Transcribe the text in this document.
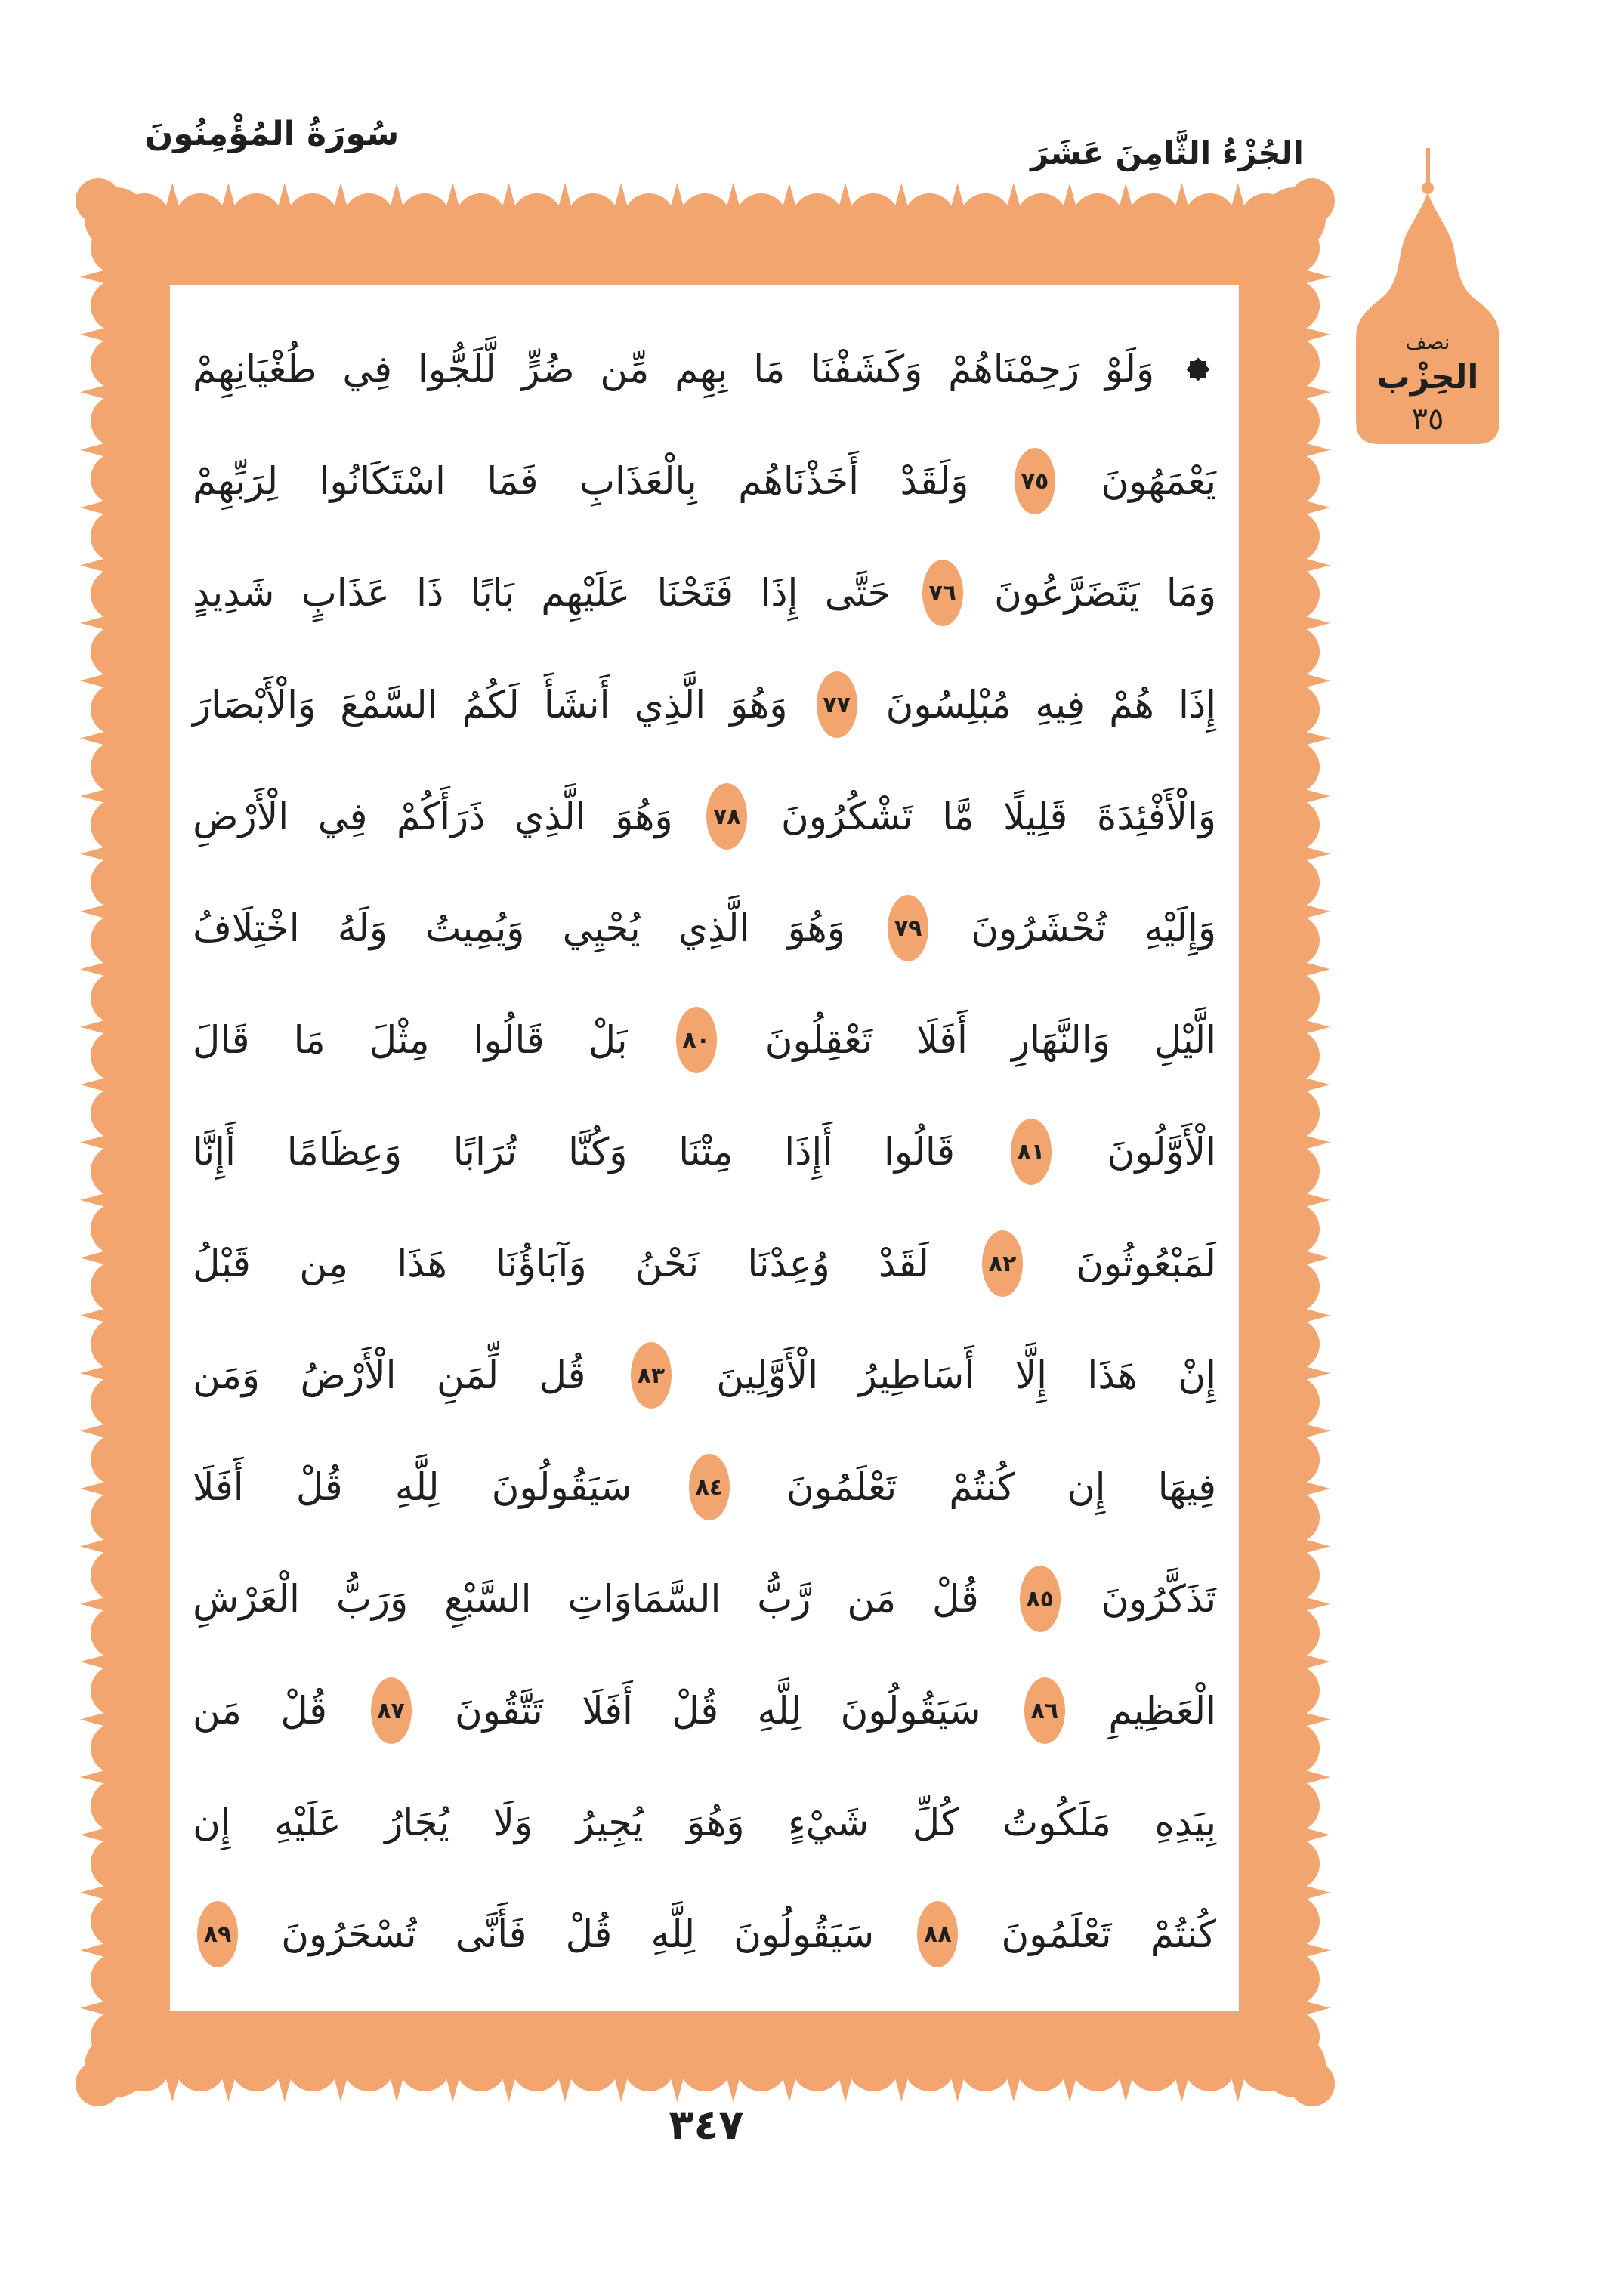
سُورَةُ المُؤْمِنُونَ	الجُزْءُ الثَّامِنَ عَشَرَ
نصف
الحِزْب
٣٥
وَلَوْ
رَحِمْنَاهُمْ
وَكَشَفْنَا
مَا
بِهِم
مِّن
ضُرٍّ
لَّلَجُّوا
فِي
طُغْيَانِهِمْ
يَعْمَهُونَ
٧٥
وَلَقَدْ
أَخَذْنَاهُم
بِالْعَذَابِ
فَمَا
اسْتَكَانُوا
لِرَبِّهِمْ
وَمَا
يَتَضَرَّعُونَ
٧٦
حَتَّى
إِذَا
فَتَحْنَا
عَلَيْهِم
بَابًا
ذَا
عَذَابٍ
شَدِيدٍ
إِذَا
هُمْ
فِيهِ
مُبْلِسُونَ
٧٧
وَهُوَ
الَّذِي
أَنشَأَ
لَكُمُ
السَّمْعَ
وَالْأَبْصَارَ
وَالْأَفْئِدَةَ
قَلِيلًا
مَّا
تَشْكُرُونَ
٧٨
وَهُوَ
الَّذِي
ذَرَأَكُمْ
فِي
الْأَرْضِ
وَإِلَيْهِ
تُحْشَرُونَ
٧٩
وَهُوَ
الَّذِي
يُحْيِي
وَيُمِيتُ
وَلَهُ
اخْتِلَافُ
الَّيْلِ
وَالنَّهَارِ
أَفَلَا
تَعْقِلُونَ
٨٠
بَلْ
قَالُوا
مِثْلَ
مَا
قَالَ
الْأَوَّلُونَ
٨١
قَالُوا
أَإِذَا
مِتْنَا
وَكُنَّا
تُرَابًا
وَعِظَامًا
أَإِنَّا
لَمَبْعُوثُونَ
٨٢
لَقَدْ
وُعِدْنَا
نَحْنُ
وَآبَاؤُنَا
هَذَا
مِن
قَبْلُ
إِنْ
هَذَا
إِلَّا
أَسَاطِيرُ
الْأَوَّلِينَ
٨٣
قُل
لِّمَنِ
الْأَرْضُ
وَمَن
فِيهَا
إِن
كُنتُمْ
تَعْلَمُونَ
٨٤
سَيَقُولُونَ
لِلَّهِ
قُلْ
أَفَلَا
تَذَكَّرُونَ
٨٥
قُلْ
مَن
رَّبُّ
السَّمَاوَاتِ
السَّبْعِ
وَرَبُّ
الْعَرْشِ
الْعَظِيمِ
٨٦
سَيَقُولُونَ
لِلَّهِ
قُلْ
أَفَلَا
تَتَّقُونَ
٨٧
قُلْ
مَن
بِيَدِهِ
مَلَكُوتُ
كُلِّ
شَيْءٍ
وَهُوَ
يُجِيرُ
وَلَا
يُجَارُ
عَلَيْهِ
إِن
كُنتُمْ
تَعْلَمُونَ
٨٨
سَيَقُولُونَ
لِلَّهِ
قُلْ
فَأَنَّى
تُسْحَرُونَ
٨٩
٣٤٧
